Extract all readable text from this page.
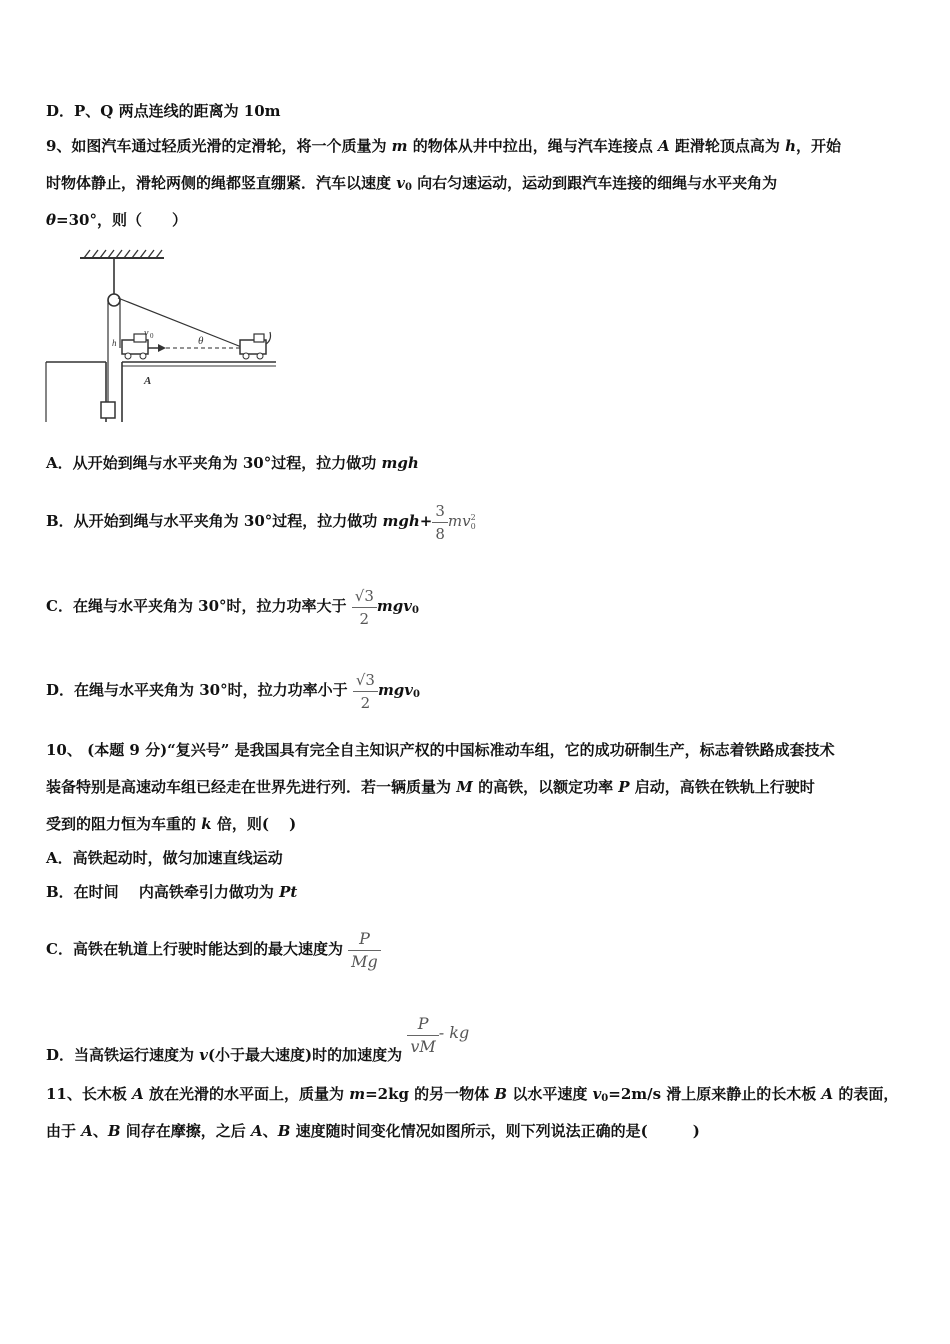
D．P、Q 两点连线的距离为 10m
9、如图汽车通过轻质光滑的定滑轮，将一个质量为 m 的物体从井中拉出，绳与汽车连接点 A 距滑轮顶点高为 h，开始
时物体静止，滑轮两侧的绳都竖直绷紧．汽车以速度 $v_0$ 向右匀速运动，运动到跟汽车连接的细绳与水平夹角为
θ=30°，则（　　）
v 0	θ
h
A
A．从开始到绳与水平夹角为 30°过程，拉力做功 mgh
B．从开始到绳与水平夹角为 30°过程，拉力做功 $mgh+ \frac{3}{8}$ mv 2
0
C．在绳与水平夹角为 30°时，拉力功率大于 $\frac{√3}{2} mgv_0$
D．在绳与水平夹角为 30°时，拉力功率小于 $\frac{√3}{2} mgv_0$
10、 (本题 9 分)“复兴号” 是我国具有完全自主知识产权的中国标准动车组，它的成功研制生产，标志着铁路成套技术
装备特别是高速动车组已经走在世界先进行列．若一辆质量为 M 的高铁，以额定功率 P 启动，高铁在铁轨上行驶时
受到的阻力恒为车重的 k 倍，则(　 )
A．高铁起动时，做匀加速直线运动
B．在时间　 内高铁牵引力做功为 Pt
C．高铁在轨道上行驶时能达到的最大速度为 $\frac{P}{Mg}$
D．当高铁运行速度为 v(小于最大速度)时的加速度为 $\frac{P}{vM}$ - kg
11、长木板 A 放在光滑的水平面上，质量为 m=2kg 的另一物体 B 以水平速度 $v_0=2m/s$ 滑上原来静止的长木板 A 的表面，
由于 A、B 间存在摩擦，之后 A、B 速度随时间变化情况如图所示，则下列说法正确的是(　　　)
